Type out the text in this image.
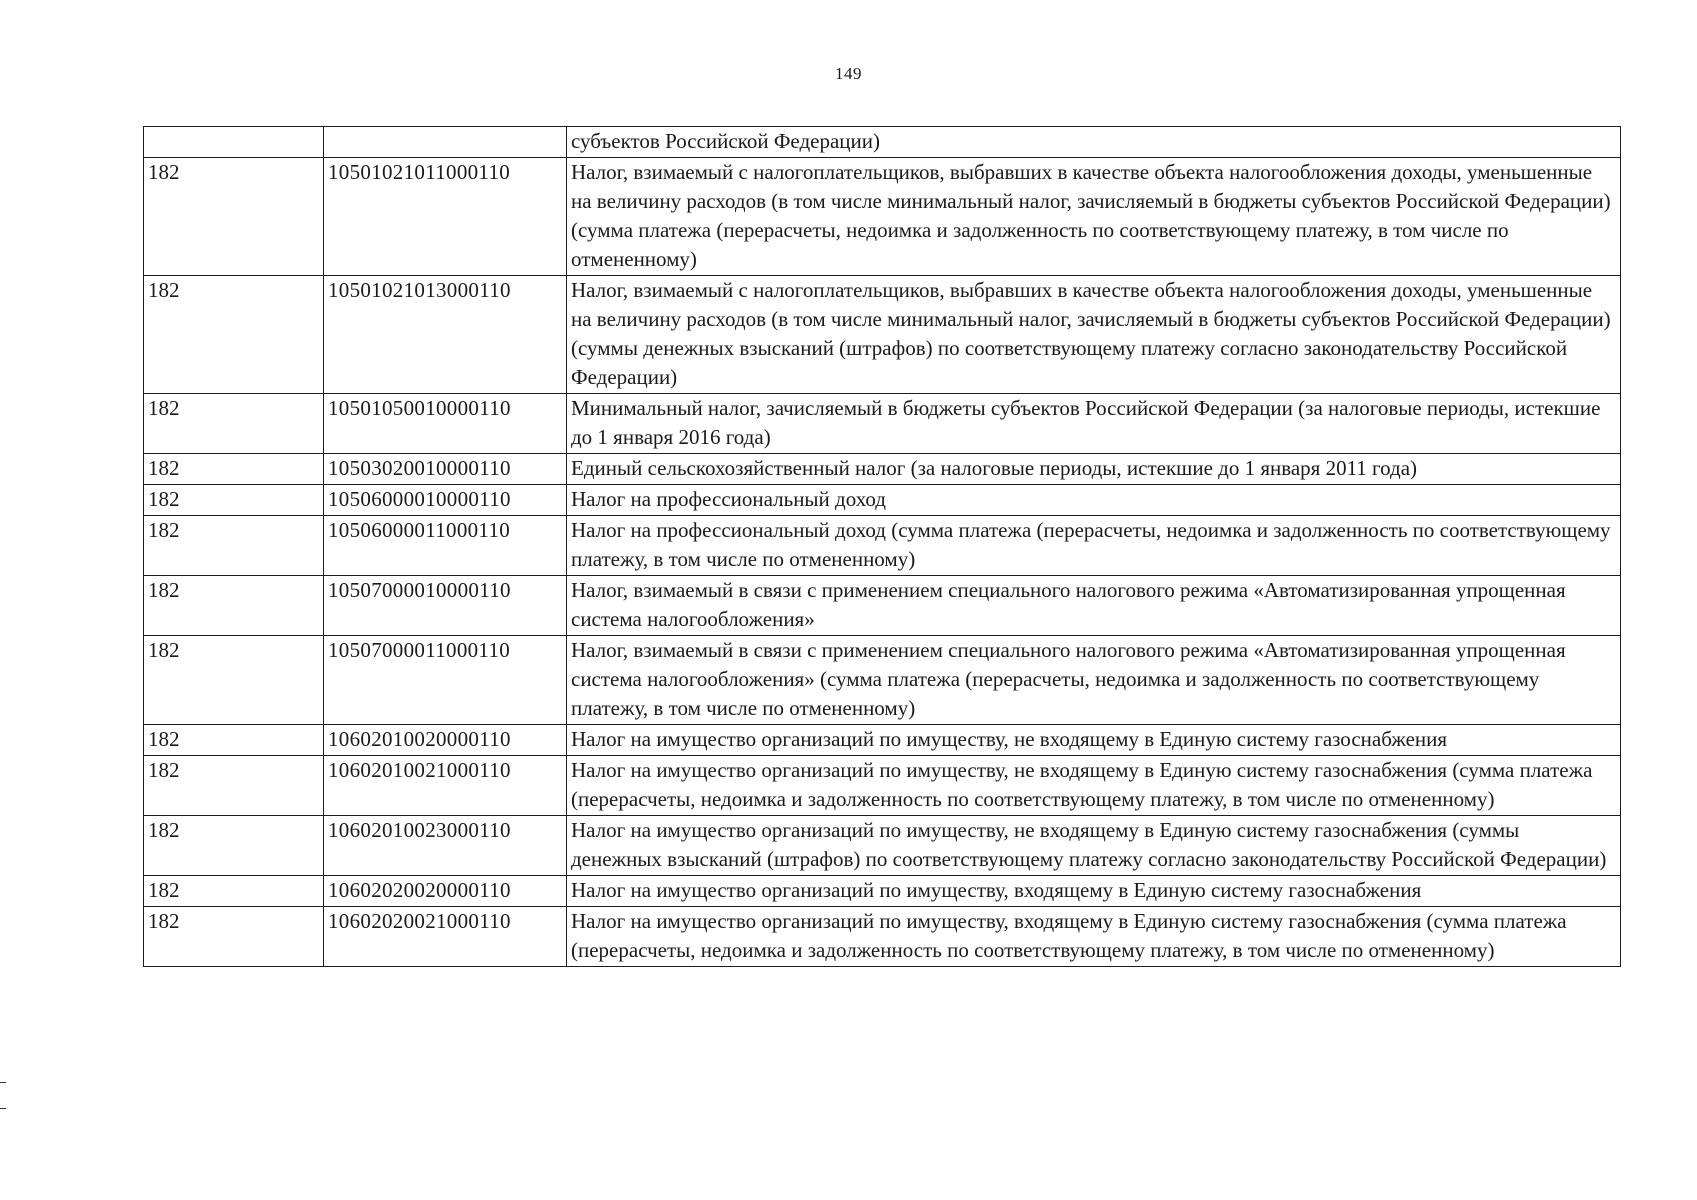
149
		субъектов Российской Федерации)
182	10501021011000110	Налог, взимаемый с налогоплательщиков, выбравших в качестве объекта налогообложения доходы, уменьшенные на величину расходов (в том числе минимальный налог, зачисляемый в бюджеты субъектов Российской Федерации) (сумма платежа (перерасчеты, недоимка и задолженность по соответствующему платежу, в том числе по отмененному)
182	10501021013000110	Налог, взимаемый с налогоплательщиков, выбравших в качестве объекта налогообложения доходы, уменьшенные на величину расходов (в том числе минимальный налог, зачисляемый в бюджеты субъектов Российской Федерации) (суммы денежных взысканий (штрафов) по соответствующему платежу согласно законодательству Российской Федерации)
182	10501050010000110	Минимальный налог, зачисляемый в бюджеты субъектов Российской Федерации (за налоговые периоды, истекшие до 1 января 2016 года)
182	10503020010000110	Единый сельскохозяйственный налог (за налоговые периоды, истекшие до 1 января 2011 года)
182	10506000010000110	Налог на профессиональный доход
182	10506000011000110	Налог на профессиональный доход (сумма платежа (перерасчеты, недоимка и задолженность по соответствующему платежу, в том числе по отмененному)
182	10507000010000110	Налог, взимаемый в связи с применением специального налогового режима «Автоматизированная упрощенная система налогообложения»
182	10507000011000110	Налог, взимаемый в связи с применением специального налогового режима «Автоматизированная упрощенная система налогообложения» (сумма платежа (перерасчеты, недоимка и задолженность по соответствующему платежу, в том числе по отмененному)
182	10602010020000110	Налог на имущество организаций по имуществу, не входящему в Единую систему газоснабжения
182	10602010021000110	Налог на имущество организаций по имуществу, не входящему в Единую систему газоснабжения (сумма платежа (перерасчеты, недоимка и задолженность по соответствующему платежу, в том числе по отмененному)
182	10602010023000110	Налог на имущество организаций по имуществу, не входящему в Единую систему газоснабжения (суммы денежных взысканий (штрафов) по соответствующему платежу согласно законодательству Российской Федерации)
182	10602020020000110	Налог на имущество организаций по имуществу, входящему в Единую систему газоснабжения
182	10602020021000110	Налог на имущество организаций по имуществу, входящему в Единую систему газоснабжения (сумма платежа (перерасчеты, недоимка и задолженность по соответствующему платежу, в том числе по отмененному)
